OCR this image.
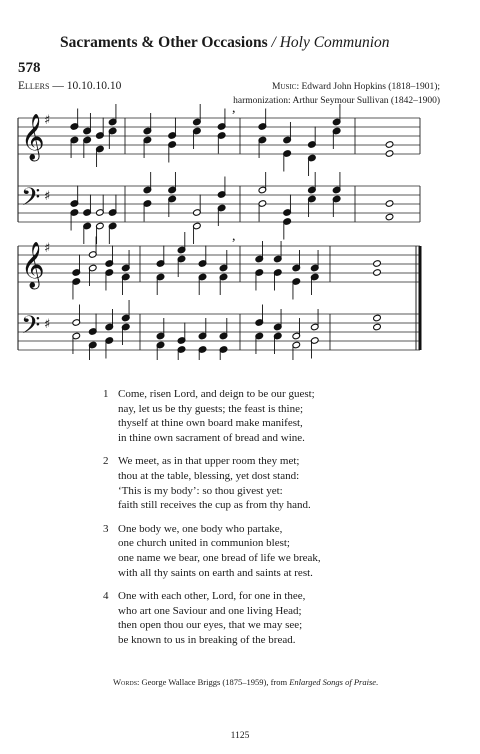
Sacraments & Other Occasions / Holy Communion
578
Ellers — 10.10.10.10	Music: Edward John Hopkins (1818–1901);
harmonization: Arthur Seymour Sullivan (1842–1900)
𝄞
𝄢
♯
♯
,
𝄞
𝄢
♯
♯
,
1 Come, risen Lord, and deign to be our guest;
nay, let us be thy guests; the feast is thine;
thyself at thine own board make manifest,
in thine own sacrament of bread and wine.
2 We meet, as in that upper room they met;
thou at the table, blessing, yet dost stand:
‘This is my body’: so thou givest yet:
faith still receives the cup as from thy hand.
3 One body we, one body who partake,
one church united in communion blest;
one name we bear, one bread of life we break,
with all thy saints on earth and saints at rest.
4 One with each other, Lord, for one in thee,
who art one Saviour and one living Head;
then open thou our eyes, that we may see;
be known to us in breaking of the bread.
Words: George Wallace Briggs (1875–1959), from Enlarged Songs of Praise.
1125
